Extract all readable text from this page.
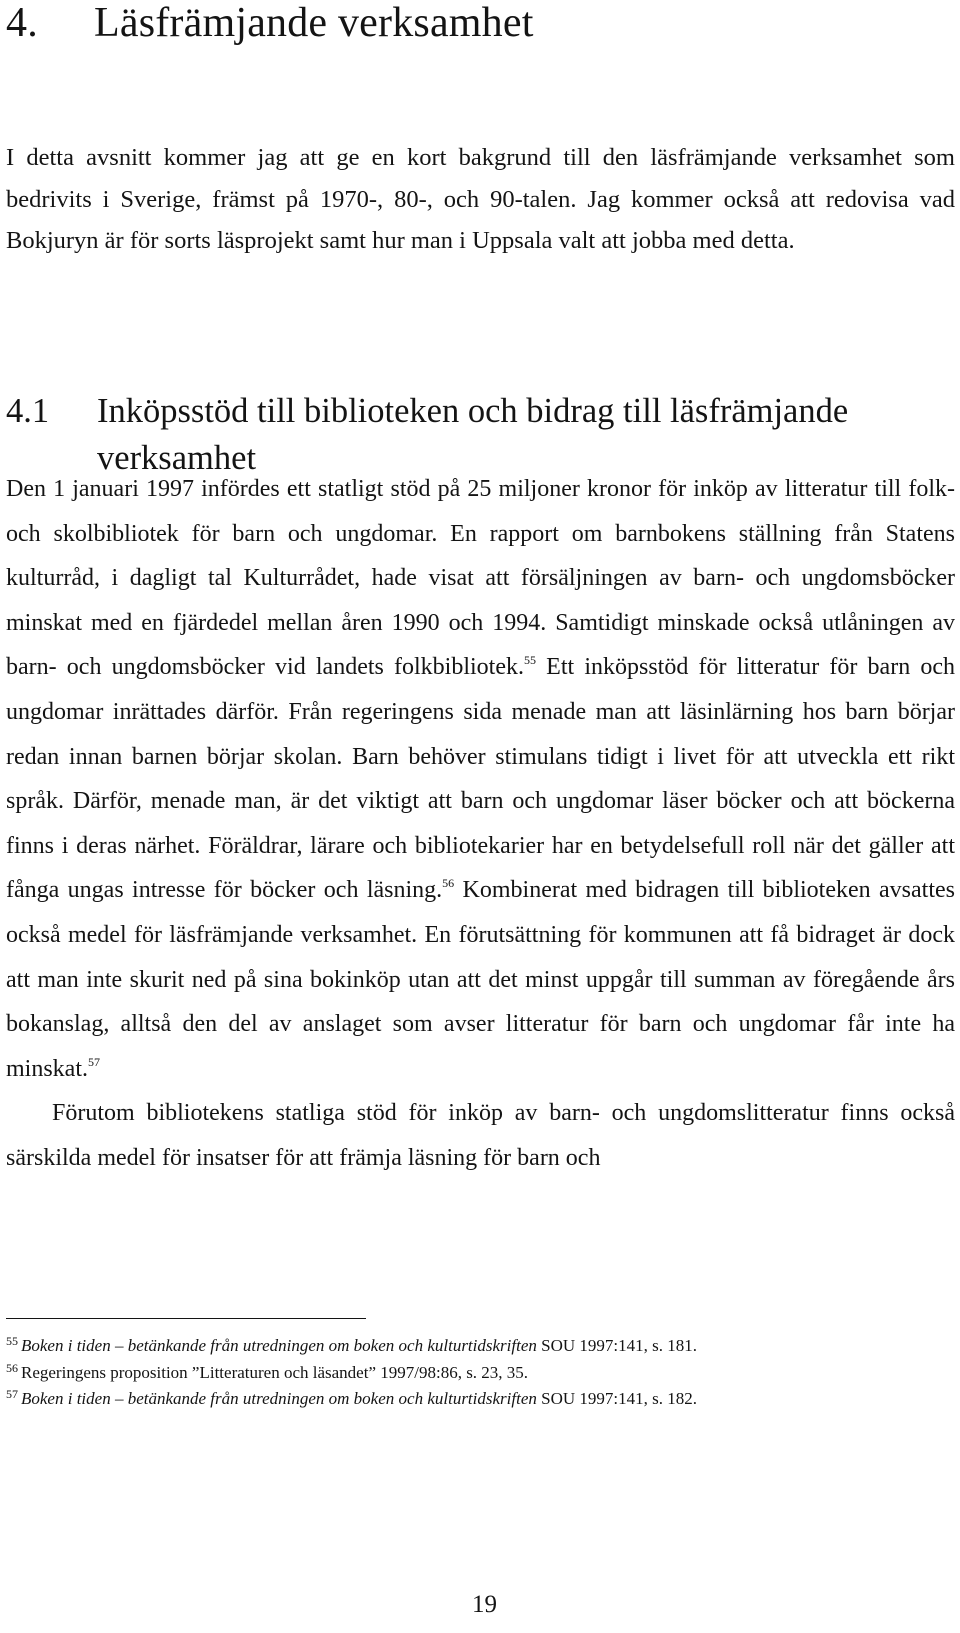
4. Läsfrämjande verksamhet

I detta avsnitt kommer jag att ge en kort bakgrund till den läsfrämjande verksamhet som bedrivits i Sverige, främst på 1970-, 80-, och 90-talen. Jag kommer också att redovisa vad Bokjuryn är för sorts läsprojekt samt hur man i Uppsala valt att jobba med detta.

4.1	Inköpsstöd till biblioteken och bidrag till läsfrämjande verksamhet

Den 1 januari 1997 infördes ett statligt stöd på 25 miljoner kronor för inköp av litteratur till folk- och skolbibliotek för barn och ungdomar. En rapport om barnbokens ställning från Statens kulturråd, i dagligt tal Kulturrådet, hade visat att försäljningen av barn- och ungdomsböcker minskat med en fjärdedel mellan åren 1990 och 1994. Samtidigt minskade också utlåningen av barn- och ungdomsböcker vid landets folkbibliotek.$^{55}$ Ett inköpsstöd för litteratur för barn och ungdomar inrättades därför. Från regeringens sida menade man att läsinlärning hos barn börjar redan innan barnen börjar skolan. Barn behöver stimulans tidigt i livet för att utveckla ett rikt språk. Därför, menade man, är det viktigt att barn och ungdomar läser böcker och att böckerna finns i deras närhet. Föräldrar, lärare och bibliotekarier har en betydelsefull roll när det gäller att fånga ungas intresse för böcker och läsning.$^{56}$ Kombinerat med bidragen till biblioteken avsattes också medel för läsfrämjande verksamhet. En förutsättning för kommunen att få bidraget är dock att man inte skurit ned på sina bokinköp utan att det minst uppgår till summan av föregående års bokanslag, alltså den del av anslaget som avser litteratur för barn och ungdomar får inte ha minskat.$^{57}$

Förutom bibliotekens statliga stöd för inköp av barn- och ungdomslitteratur finns också särskilda medel för insatser för att främja läsning för barn och

$^{55}$ Boken i tiden – betänkande från utredningen om boken och kulturtidskriften SOU 1997:141, s. 181.

$^{56}$ Regeringens proposition ”Litteraturen och läsandet” 1997/98:86, s. 23, 35.

$^{57}$ Boken i tiden – betänkande från utredningen om boken och kulturtidskriften SOU 1997:141, s. 182.

19
